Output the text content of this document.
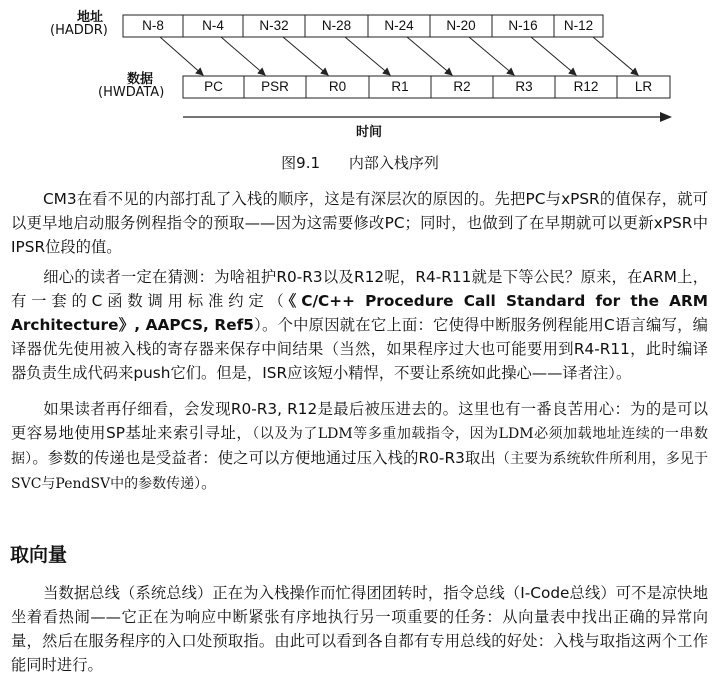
地址
(HADDR)
数据
(HWDATA)
N-8	N-4	N-32	N-28	N-24	N-20	N-16	N-12
PC	PSR	R0	R1	R2	R3	R12	LR
时间
图9.1 内部入栈序列

CM3在看不见的内部打乱了入栈的顺序，这是有深层次的原因的。先把PC与xPSR的值保存，就可以更早地启动服务例程指令的预取——因为这需要修改PC；同时，也做到了在早期就可以更新xPSR中IPSR位段的值。

细心的读者一定在猜测：为啥祖护R0-R3以及R12呢，R4-R11就是下等公民？原来，在ARM上，有一套的C函数调用标准约定（《C/C++ Procedure Call Standard for the ARM Architecture》, AAPCS, Ref5）。个中原因就在它上面：它使得中断服务例程能用C语言编写，编译器优先使用被入栈的寄存器来保存中间结果（当然，如果程序过大也可能要用到R4-R11，此时编译器负责生成代码来push它们。但是，ISR应该短小精悍，不要让系统如此操心——译者注）。

如果读者再仔细看，会发现R0-R3, R12是最后被压进去的。这里也有一番良苦用心：为的是可以更容易地使用SP基址来索引寻址，（以及为了LDM等多重加载指令，因为LDM必须加载地址连续的一串数据）。参数的传递也是受益者：使之可以方便地通过压入栈的R0-R3取出（主要为系统软件所利用，多见于SVC与PendSV中的参数传递）。

取向量

当数据总线（系统总线）正在为入栈操作而忙得团团转时，指令总线（I-Code总线）可不是凉快地坐着看热闹——它正在为响应中断紧张有序地执行另一项重要的任务：从向量表中找出正确的异常向量，然后在服务程序的入口处预取指。由此可以看到各自都有专用总线的好处：入栈与取指这两个工作能同时进行。
